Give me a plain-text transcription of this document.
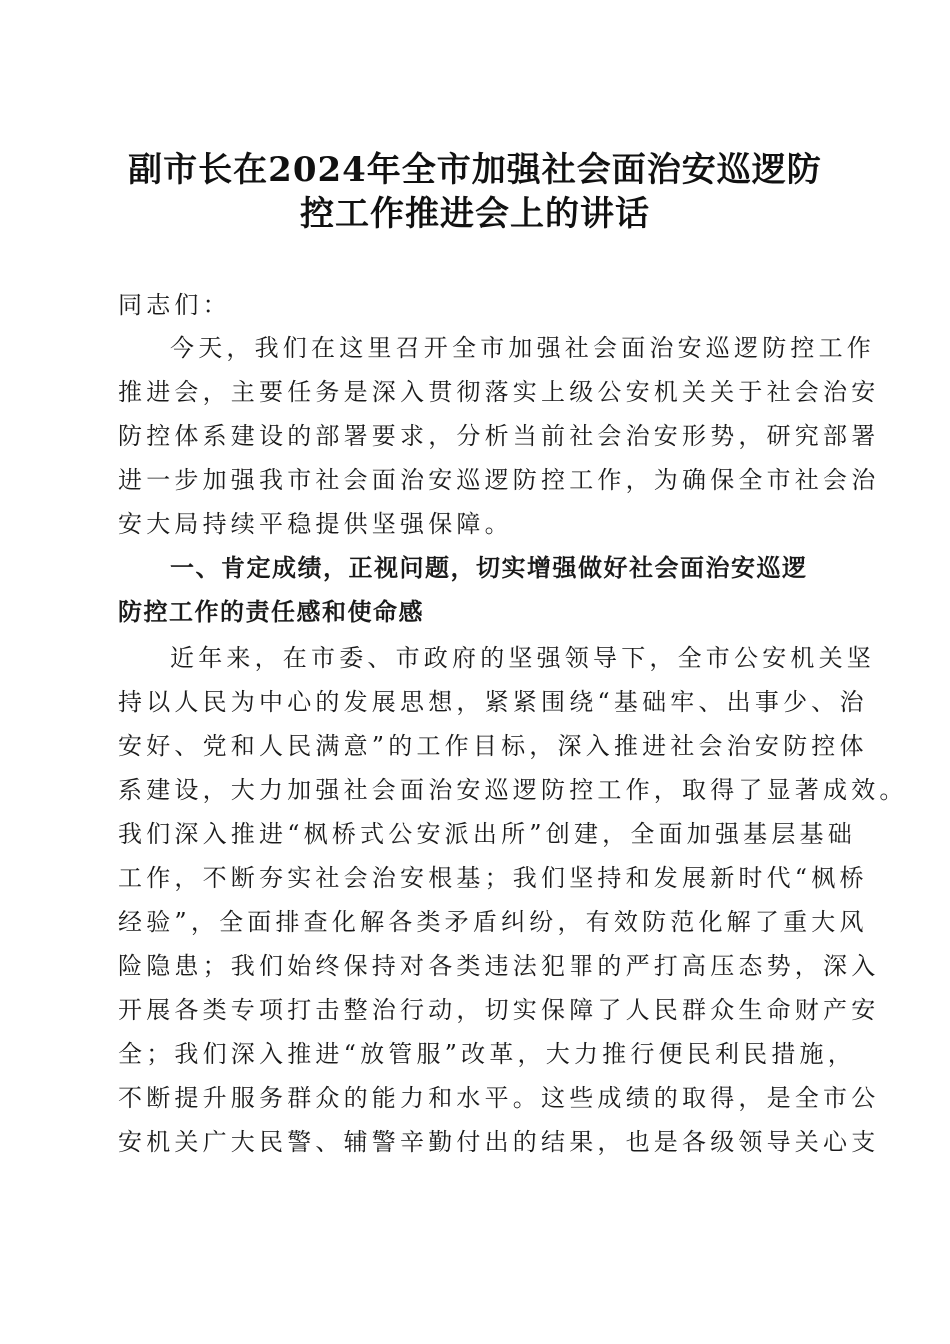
副市长在2024年全市加强社会面治安巡逻防
控工作推进会上的讲话
同志们：
今天，我们在这里召开全市加强社会面治安巡逻防控工作
推进会，主要任务是深入贯彻落实上级公安机关关于社会治安
防控体系建设的部署要求，分析当前社会治安形势，研究部署
进一步加强我市社会面治安巡逻防控工作，为确保全市社会治
安大局持续平稳提供坚强保障。
一、肯定成绩，正视问题，切实增强做好社会面治安巡逻
防控工作的责任感和使命感
近年来，在市委、市政府的坚强领导下，全市公安机关坚
持以人民为中心的发展思想，紧紧围绕“基础牢、出事少、治
安好、党和人民满意”的工作目标，深入推进社会治安防控体
系建设，大力加强社会面治安巡逻防控工作，取得了显著成效。
我们深入推进“枫桥式公安派出所”创建，全面加强基层基础
工作，不断夯实社会治安根基；我们坚持和发展新时代“枫桥
经验”，全面排查化解各类矛盾纠纷，有效防范化解了重大风
险隐患；我们始终保持对各类违法犯罪的严打高压态势，深入
开展各类专项打击整治行动，切实保障了人民群众生命财产安
全；我们深入推进“放管服”改革，大力推行便民利民措施，
不断提升服务群众的能力和水平。这些成绩的取得，是全市公
安机关广大民警、辅警辛勤付出的结果，也是各级领导关心支
